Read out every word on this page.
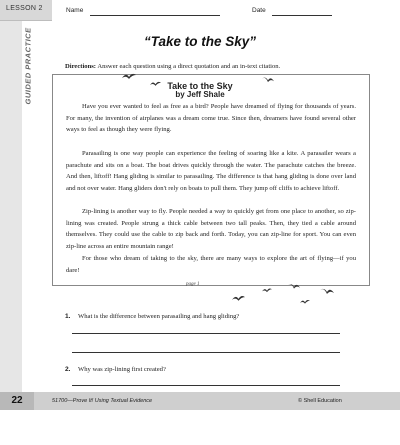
LESSON 2
GUIDED PRACTICE
Name	Date
“Take to the Sky”
Directions: Answer each question using a direct quotation and an in-text citation.
Take to the Sky
by Jeff Shale
Have you ever wanted to feel as free as a bird? People have dreamed of flying for thousands of years. For many, the invention of airplanes was a dream come true. Since then, dreamers have found several other ways to feel as though they were flying.
Parasailing is one way people can experience the feeling of soaring like a kite. A parasailer wears a parachute and sits on a boat. The boat drives quickly through the water. The parachute catches the breeze. And then, liftoff! Hang gliding is similar to parasailing. The difference is that hang gliding is done over land and not over water. Hang gliders don't rely on boats to pull them. They jump off cliffs to achieve liftoff.
Zip-lining is another way to fly. People needed a way to quickly get from one place to another, so zip-lining was created. People strung a thick cable between two tall peaks. Then, they tied a cable around themselves. They could use the cable to zip back and forth. Today, you can zip-line for sport. You can even zip-line across an entire mountain range!
For those who dream of taking to the sky, there are many ways to explore the art of flying—if you dare!
page 1
1. What is the difference between parasailing and hang gliding?
2. Why was zip-lining first created?
22	51700—Prove It! Using Textual Evidence	© Shell Education
